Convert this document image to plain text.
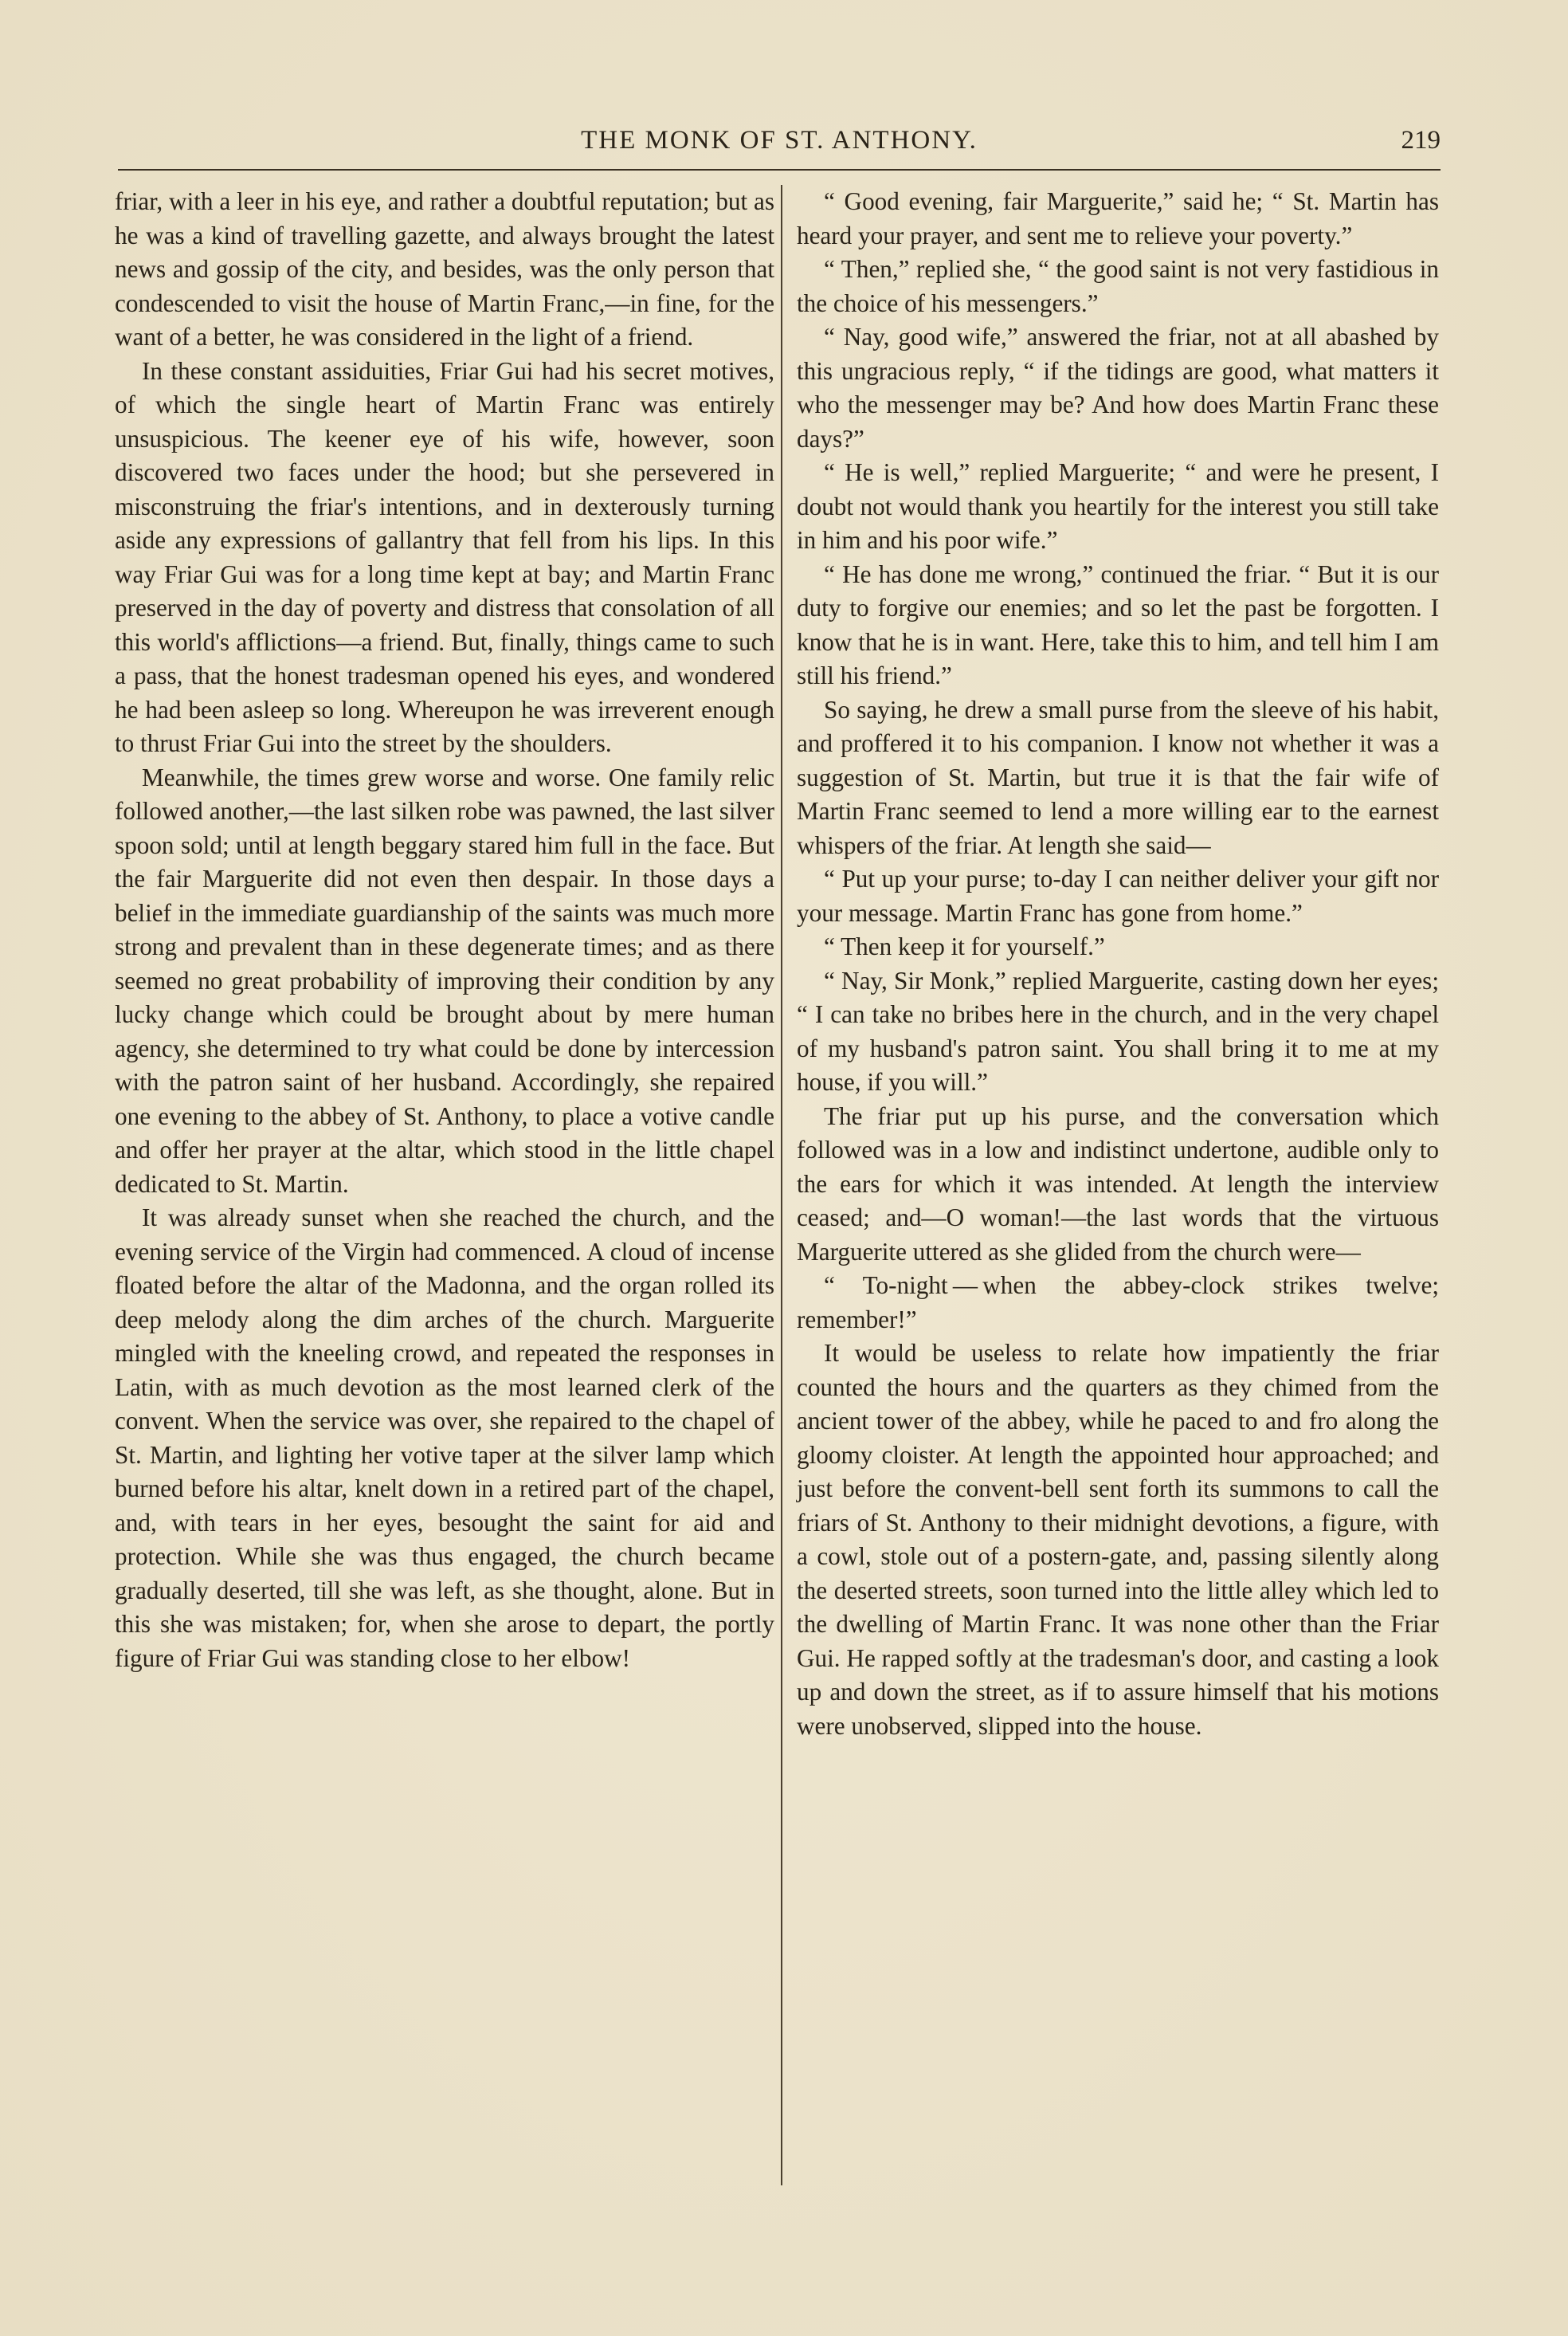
THE MONK OF ST. ANTHONY.	219

friar, with a leer in his eye, and rather a doubtful reputation; but as he was a kind of travelling gazette, and always brought the latest news and gossip of the city, and besides, was the only person that condescended to visit the house of Martin Franc,—in fine, for the want of a better, he was considered in the light of a friend.

In these constant assiduities, Friar Gui had his secret motives, of which the single heart of Martin Franc was entirely unsuspicious. The keener eye of his wife, however, soon discovered two faces under the hood; but she persevered in misconstruing the friar's intentions, and in dexterously turning aside any expressions of gallantry that fell from his lips. In this way Friar Gui was for a long time kept at bay; and Martin Franc preserved in the day of poverty and distress that consolation of all this world's afflictions—a friend. But, finally, things came to such a pass, that the honest tradesman opened his eyes, and wondered he had been asleep so long. Whereupon he was irreverent enough to thrust Friar Gui into the street by the shoulders.

Meanwhile, the times grew worse and worse. One family relic followed another,—the last silken robe was pawned, the last silver spoon sold; until at length beggary stared him full in the face. But the fair Marguerite did not even then despair. In those days a belief in the immediate guardianship of the saints was much more strong and prevalent than in these degenerate times; and as there seemed no great probability of improving their condition by any lucky change which could be brought about by mere human agency, she determined to try what could be done by intercession with the patron saint of her husband. Accordingly, she repaired one evening to the abbey of St. Anthony, to place a votive candle and offer her prayer at the altar, which stood in the little chapel dedicated to St. Martin.

It was already sunset when she reached the church, and the evening service of the Virgin had commenced. A cloud of incense floated before the altar of the Madonna, and the organ rolled its deep melody along the dim arches of the church. Marguerite mingled with the kneeling crowd, and repeated the responses in Latin, with as much devotion as the most learned clerk of the convent. When the service was over, she repaired to the chapel of St. Martin, and lighting her votive taper at the silver lamp which burned before his altar, knelt down in a retired part of the chapel, and, with tears in her eyes, besought the saint for aid and protection. While she was thus engaged, the church became gradually deserted, till she was left, as she thought, alone. But in this she was mistaken; for, when she arose to depart, the portly figure of Friar Gui was standing close to her elbow!

“ Good evening, fair Marguerite,” said he; “ St. Martin has heard your prayer, and sent me to relieve your poverty.”

“ Then,” replied she, “ the good saint is not very fastidious in the choice of his messengers.”

“ Nay, good wife,” answered the friar, not at all abashed by this ungracious reply, “ if the tidings are good, what matters it who the messenger may be? And how does Martin Franc these days?”

“ He is well,” replied Marguerite; “ and were he present, I doubt not would thank you heartily for the interest you still take in him and his poor wife.”

“ He has done me wrong,” continued the friar. “ But it is our duty to forgive our enemies; and so let the past be forgotten. I know that he is in want. Here, take this to him, and tell him I am still his friend.”

So saying, he drew a small purse from the sleeve of his habit, and proffered it to his companion. I know not whether it was a suggestion of St. Martin, but true it is that the fair wife of Martin Franc seemed to lend a more willing ear to the earnest whispers of the friar. At length she said—

“ Put up your purse; to-day I can neither deliver your gift nor your message. Martin Franc has gone from home.”

“ Then keep it for yourself.”

“ Nay, Sir Monk,” replied Marguerite, casting down her eyes; “ I can take no bribes here in the church, and in the very chapel of my husband's patron saint. You shall bring it to me at my house, if you will.”

The friar put up his purse, and the conversation which followed was in a low and indistinct undertone, audible only to the ears for which it was intended. At length the interview ceased; and—O woman!—the last words that the virtuous Marguerite uttered as she glided from the church were—

“ To-night — when the abbey-clock strikes twelve; remember!”

It would be useless to relate how impatiently the friar counted the hours and the quarters as they chimed from the ancient tower of the abbey, while he paced to and fro along the gloomy cloister. At length the appointed hour approached; and just before the convent-bell sent forth its summons to call the friars of St. Anthony to their midnight devotions, a figure, with a cowl, stole out of a postern-gate, and, passing silently along the deserted streets, soon turned into the little alley which led to the dwelling of Martin Franc. It was none other than the Friar Gui. He rapped softly at the tradesman's door, and casting a look up and down the street, as if to assure himself that his motions were unobserved, slipped into the house.
